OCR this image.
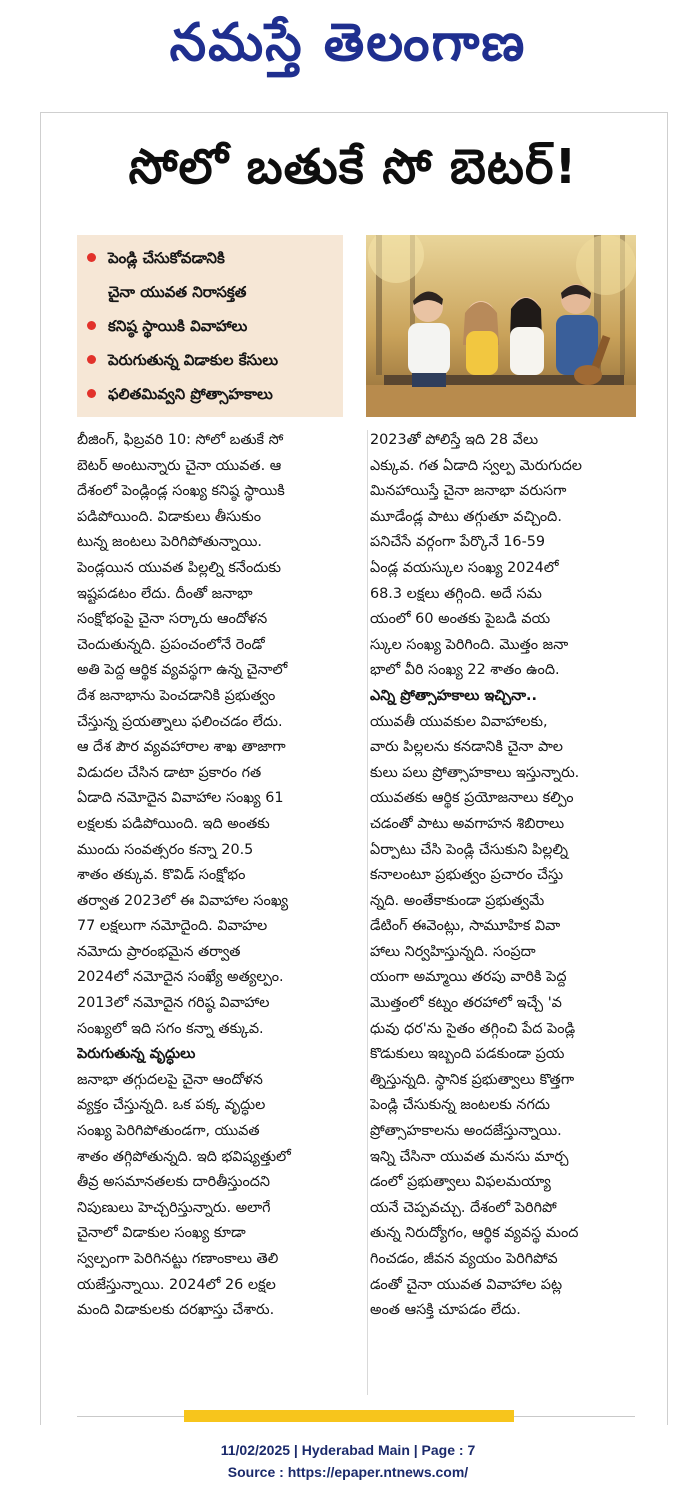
నమస్తే తెలంగాణ
సోలో బతుకే సో బెటర్!
పెండ్లి చేసుకోవడానికి
చైనా యువత నిరాసక్తత
కనిష్ఠ స్థాయికి వివాహాలు
పెరుగుతున్న విడాకుల కేసులు
ఫలితమివ్వని ప్రోత్సాహకాలు
బీజింగ్, ఫిబ్రవరి 10: సోలో బతుకే సో
బెటర్ అంటున్నారు చైనా యువత. ఆ
దేశంలో పెండ్లిండ్ల సంఖ్య కనిష్ఠ స్థాయికి
పడిపోయింది. విడాకులు తీసుకుం
టున్న జంటలు పెరిగిపోతున్నాయి.
పెండ్లయిన యువత పిల్లల్ని కనేందుకు
ఇష్టపడటం లేదు. దీంతో జనాభా
సంక్షోభంపై చైనా సర్కారు ఆందోళన
చెందుతున్నది. ప్రపంచంలోనే రెండో
అతి పెద్ద ఆర్థిక వ్యవస్థగా ఉన్న చైనాలో
దేశ జనాభాను పెంచడానికి ప్రభుత్వం
చేస్తున్న ప్రయత్నాలు ఫలించడం లేదు.
ఆ దేశ పౌర వ్యవహారాల శాఖ తాజాగా
విడుదల చేసిన డాటా ప్రకారం గత
ఏడాది నమోదైన వివాహాల సంఖ్య 61
లక్షలకు పడిపోయింది. ఇది అంతకు
ముందు సంవత్సరం కన్నా 20.5
శాతం తక్కువ. కొవిడ్ సంక్షోభం
తర్వాత 2023లో ఈ వివాహాల సంఖ్య
77 లక్షలుగా నమోదైంది. వివాహల
నమోదు ప్రారంభమైన తర్వాత
2024లో నమోదైన సంఖ్యే అత్యల్పం.
2013లో నమోదైన గరిష్ఠ వివాహాల
సంఖ్యలో ఇది సగం కన్నా తక్కువ.
పెరుగుతున్న వృద్ధులు
జనాభా తగ్గుదలపై చైనా ఆందోళన
వ్యక్తం చేస్తున్నది. ఒక పక్క వృద్ధుల
సంఖ్య పెరిగిపోతుండగా, యువత
శాతం తగ్గిపోతున్నది. ఇది భవిష్యత్తులో
తీవ్ర అసమానతలకు దారితీస్తుందని
నిపుణులు హెచ్చరిస్తున్నారు. అలాగే
చైనాలో విడాకుల సంఖ్య కూడా
స్వల్పంగా పెరిగినట్టు గణాంకాలు తెలి
యజేస్తున్నాయి. 2024లో 26 లక్షల
మంది విడాకులకు దరఖాస్తు చేశారు.
2023తో పోలిస్తే ఇది 28 వేలు
ఎక్కువ. గత ఏడాది స్వల్ప మెరుగుదల
మినహాయిస్తే చైనా జనాభా వరుసగా
మూడేండ్ల పాటు తగ్గుతూ వచ్చింది.
పనిచేసే వర్గంగా పేర్కొనే 16-59
ఏండ్ల వయస్కుల సంఖ్య 2024లో
68.3 లక్షలు తగ్గింది. అదే సమ
యంలో 60 అంతకు పైబడి వయ
స్కుల సంఖ్య పెరిగింది. మొత్తం జనా
భాలో వీరి సంఖ్య 22 శాతం ఉంది.
ఎన్ని ప్రోత్సాహకాలు ఇచ్చినా..
యువతీ యువకుల వివాహాలకు,
వారు పిల్లలను కనడానికి చైనా పాల
కులు పలు ప్రోత్సాహకాలు ఇస్తున్నారు.
యువతకు ఆర్థిక ప్రయోజనాలు కల్పిం
చడంతో పాటు అవగాహన శిబిరాలు
ఏర్పాటు చేసి పెండ్లి చేసుకుని పిల్లల్ని
కనాలంటూ ప్రభుత్వం ప్రచారం చేస్తు
న్నది. అంతేకాకుండా ప్రభుత్వమే
డేటింగ్ ఈవెంట్లు, సామూహిక వివా
హాలు నిర్వహిస్తున్నది. సంప్రదా
యంగా అమ్మాయి తరపు వారికి పెద్ద
మొత్తంలో కట్నం తరహాలో ఇచ్చే 'వ
ధువు ధర'ను సైతం తగ్గించి పేద పెండ్లి
కొడుకులు ఇబ్బంది పడకుండా ప్రయ
త్నిస్తున్నది. స్థానిక ప్రభుత్వాలు కొత్తగా
పెండ్లి చేసుకున్న జంటలకు నగదు
ప్రోత్సాహకాలను అందజేస్తున్నాయి.
ఇన్ని చేసినా యువత మనసు మార్చ
డంలో ప్రభుత్వాలు విఫలమయ్యా
యనే చెప్పవచ్చు. దేశంలో పెరిగిపో
తున్న నిరుద్యోగం, ఆర్థిక వ్యవస్థ మంద
గించడం, జీవన వ్యయం పెరిగిపోవ
డంతో చైనా యువత వివాహాల పట్ల
అంత ఆసక్తి చూపడం లేదు.
11/02/2025 | Hyderabad Main | Page : 7
Source : https://epaper.ntnews.com/
